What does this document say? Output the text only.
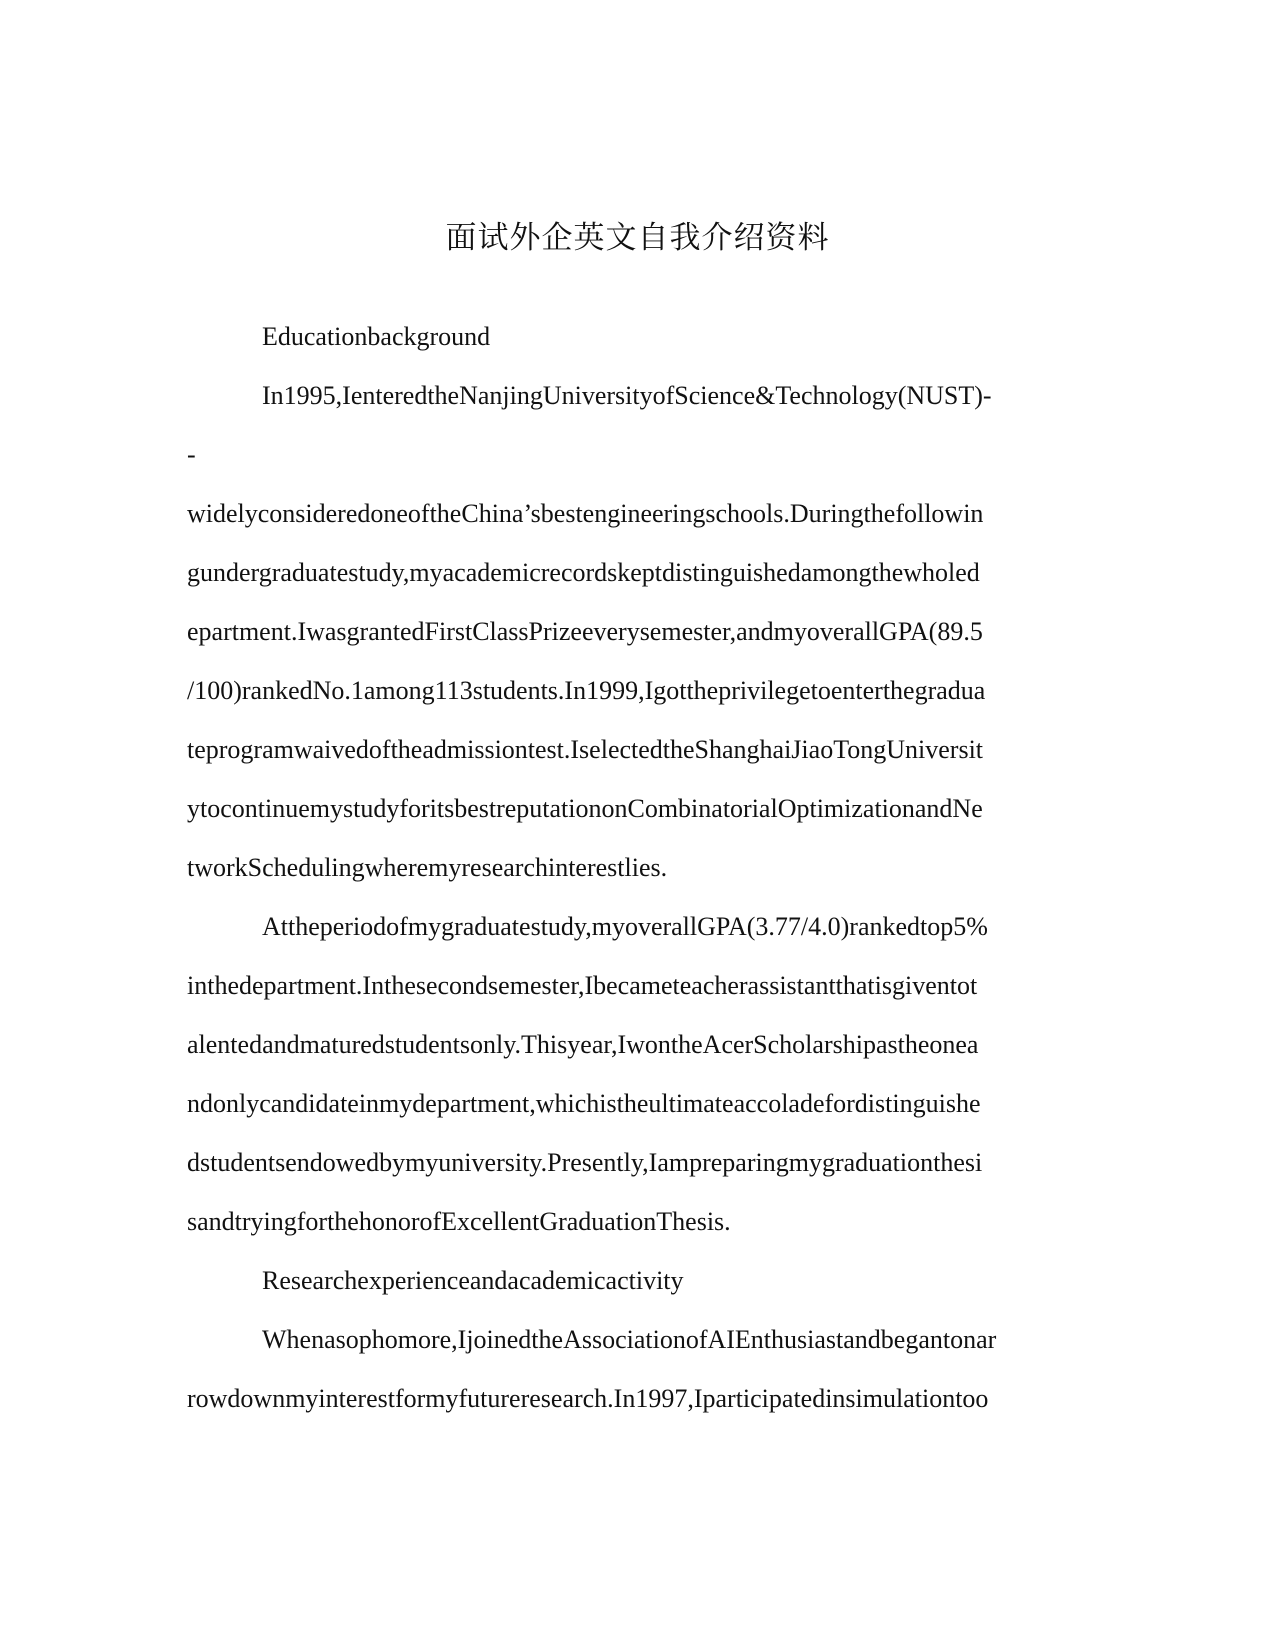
面试外企英文自我介绍资料
Educationbackground
In1995,IenteredtheNanjingUniversityofScience&Technology(NUST)-
-
widelyconsideredoneoftheChina’sbestengineeringschools.Duringthefollowin
gundergraduatestudy,myacademicrecordskeptdistinguishedamongthewholed
epartment.IwasgrantedFirstClassPrizeeverysemester,andmyoverallGPA(89.5
/100)rankedNo.1among113students.In1999,Igottheprivilegetoenterthegradua
teprogramwaivedoftheadmissiontest.IselectedtheShanghaiJiaoTongUniversit
ytocontinuemystudyforitsbestreputationonCombinatorialOptimizationandNe
tworkSchedulingwheremyresearchinterestlies.
Attheperiodofmygraduatestudy,myoverallGPA(3.77/4.0)rankedtop5%
inthedepartment.Inthesecondsemester,Ibecameteacherassistantthatisgiventot
alentedandmaturedstudentsonly.Thisyear,IwontheAcerScholarshipastheonea
ndonlycandidateinmydepartment,whichistheultimateaccoladefordistinguishe
dstudentsendowedbymyuniversity.Presently,Iampreparingmygraduationthesi
sandtryingforthehonorofExcellentGraduationThesis.
Researchexperienceandacademicactivity
Whenasophomore,IjoinedtheAssociationofAIEnthusiastandbegantonar
rowdownmyinterestformyfutureresearch.In1997,Iparticipatedinsimulationtoo
